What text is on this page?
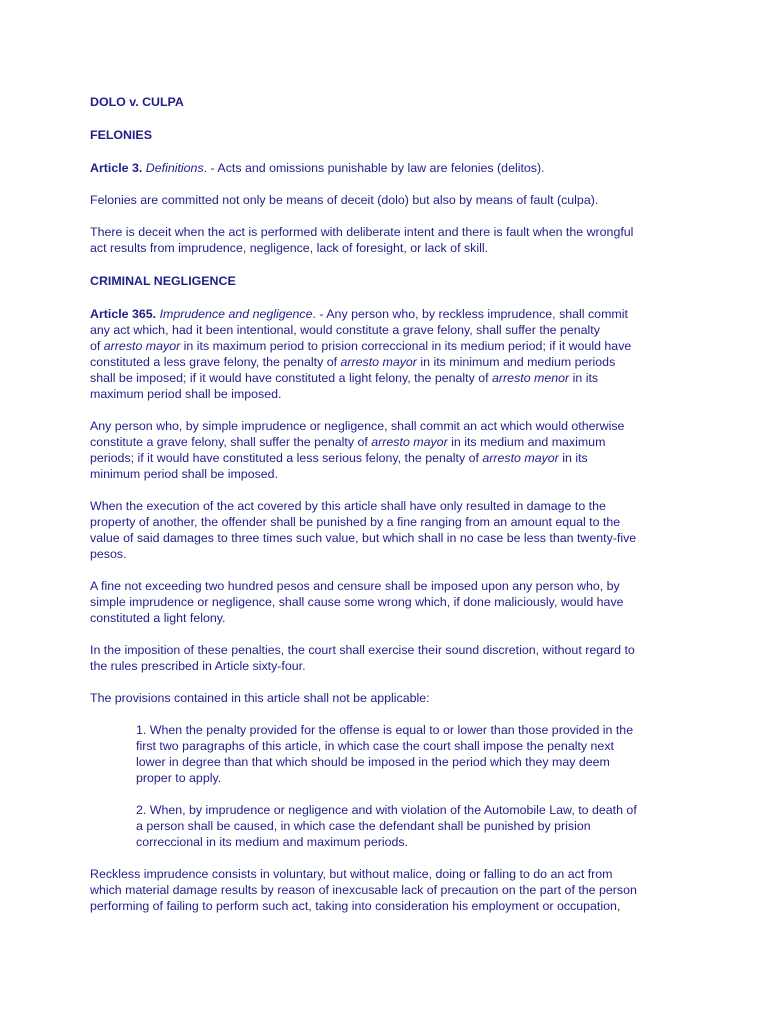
DOLO v. CULPA

FELONIES

Article 3. Definitions. - Acts and omissions punishable by law are felonies (delitos).

Felonies are committed not only be means of deceit (dolo) but also by means of fault (culpa).

There is deceit when the act is performed with deliberate intent and there is fault when the wrongful

act results from imprudence, negligence, lack of foresight, or lack of skill.

CRIMINAL NEGLIGENCE

Article 365. Imprudence and negligence. - Any person who, by reckless imprudence, shall commit

any act which, had it been intentional, would constitute a grave felony, shall suffer the penalty

of arresto mayor in its maximum period to prision correccional in its medium period; if it would have

constituted a less grave felony, the penalty of arresto mayor in its minimum and medium periods

shall be imposed; if it would have constituted a light felony, the penalty of arresto menor in its

maximum period shall be imposed.

Any person who, by simple imprudence or negligence, shall commit an act which would otherwise

constitute a grave felony, shall suffer the penalty of arresto mayor in its medium and maximum

periods; if it would have constituted a less serious felony, the penalty of arresto mayor in its

minimum period shall be imposed.

When the execution of the act covered by this article shall have only resulted in damage to the

property of another, the offender shall be punished by a fine ranging from an amount equal to the

value of said damages to three times such value, but which shall in no case be less than twenty-five

pesos.

A fine not exceeding two hundred pesos and censure shall be imposed upon any person who, by

simple imprudence or negligence, shall cause some wrong which, if done maliciously, would have

constituted a light felony.

In the imposition of these penalties, the court shall exercise their sound discretion, without regard to

the rules prescribed in Article sixty-four.

The provisions contained in this article shall not be applicable:

1. When the penalty provided for the offense is equal to or lower than those provided in the

first two paragraphs of this article, in which case the court shall impose the penalty next

lower in degree than that which should be imposed in the period which they may deem

proper to apply.

2. When, by imprudence or negligence and with violation of the Automobile Law, to death of

a person shall be caused, in which case the defendant shall be punished by prision

correccional in its medium and maximum periods.

Reckless imprudence consists in voluntary, but without malice, doing or falling to do an act from

which material damage results by reason of inexcusable lack of precaution on the part of the person

performing of failing to perform such act, taking into consideration his employment or occupation,
